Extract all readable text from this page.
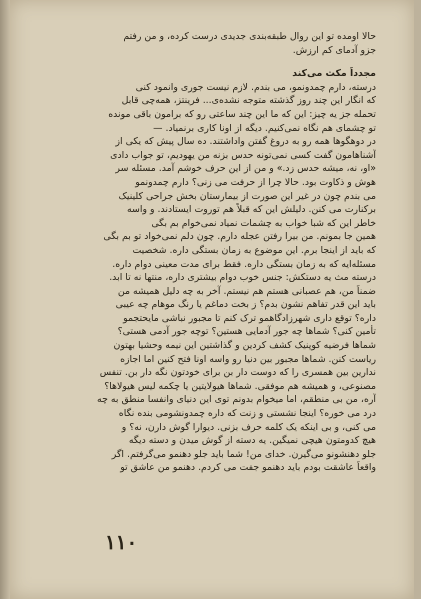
حالا اومده تو این روال طبقه‌بندی جدیدی درست کرده، و من رفتم
جزو آدمای کم ارزش.
مجدداً مکث می‌کند
درسته، دارم چمدونمو، می بندم. لازم نیست جوری وانمود کنی
که انگار این چند روز گذشته متوجه نشده‌ی... فرینتز، همه‌چی قابل
تحمله جز یه چیز: این که ما این چند ساعتی رو که برامون باقی مونده
تو چشمای هم نگاه نمی‌کنیم. دیگه از اونا کاری برنمیاد. —
در دوهگوها همه رو به دروغ گفتن واداشتند. ده سال پیش که یکی از
آشناهامون گفت کسی نمی‌تونه حدس بزنه من یهودیم، تو جواب دادی
«او، نه، میشه حدس زد.» و من از این حرف خوشم آمد. مسئله سر
هوش و ذکاوت بود. حالا چرا از حرفت می زنی؟ دارم چمدونمو
می بندم چون در غیر این صورت از بیمارستان بخش جراحی کلینیک
برکنارت می کنن. دلیلش این که قبلاً هم توروت ایستادند. و واسه
خاطر این که شبا خواب به چشمات نمیاد نمی‌خوام بم بگی
همین جا بمونم. من بیرا رفتن عجله دارم. چون دلم نمی‌خواد تو بم بگی
که باید از اینجا برم. این موضوع به زمان بستگی داره. شخصیت
مسئله‌ایه که به زمان بستگی داره. فقط برای مدت معینی دوام داره.
درسته مث یه دستکش: جنس خوب دوام بیشتری داره، منتها نه تا ابد.
ضمناً من، هم عصبانی هستم هم نیستم. آخر به چه دلیل همیشه من
باید این قدر تفاهم نشون بدم؟ ز بخت دماغم یا رنگ موهام چه عیبی
داره؟ توقع داری شهرزادگاهمو ترک کنم تا مجبور نباشی مایحتجمو
تأمین کنی؟ شماها چه جور آدمایی هستین؟ توچه جور آدمی هستی؟
شماها فرضیه کوپنیک کشف کردین و گذاشتین این نیمه وحشیا بهتون
ریاست کنن. شماها مجبور بین دنیا رو واسه اونا فتح کنین اما اجازه
ندارین بین همسری را که دوست دار بن برای خودتون نگه دار بن. تنفس
مصنوعی، و همیشه هم موفقی. شماها هیولایتین یا چکمه لیس هیولاها؟
آره، من بی منطقم، اما میخوام بدونم توی این دنیای وانفسا منطق به چه
درد می خوره؟ اینجا نشستی و زنت که داره چمدونشومی بنده نگاه
می کنی، و بی اینکه یک کلمه حرف بزنی. دیوارا گوش دارن، نه؟ و
هیچ کدومتون هیچی نمیگین. یه دسته از گوش میدن و دسته دیگه
جلو دهنشونو می‌گیرن. خدای من! شما باید جلو دهنمو می‌گرفتم. اگر
واقعاً عاشقت بودم باید دهنمو جفت می کردم. دهنمو من عاشق تو
۱۱۰
